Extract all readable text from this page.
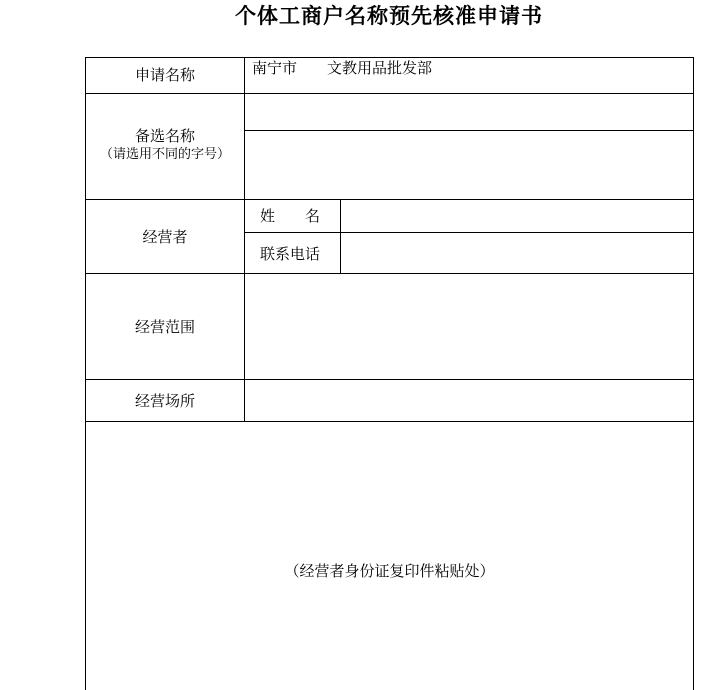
个体工商户名称预先核准申请书
申请名称	南宁市　　文教用品批发部
备选名称
（请选用不同的字号）
经营者
姓　　名
联系电话
经营范围
经营场所
（经营者身份证复印件粘贴处）
